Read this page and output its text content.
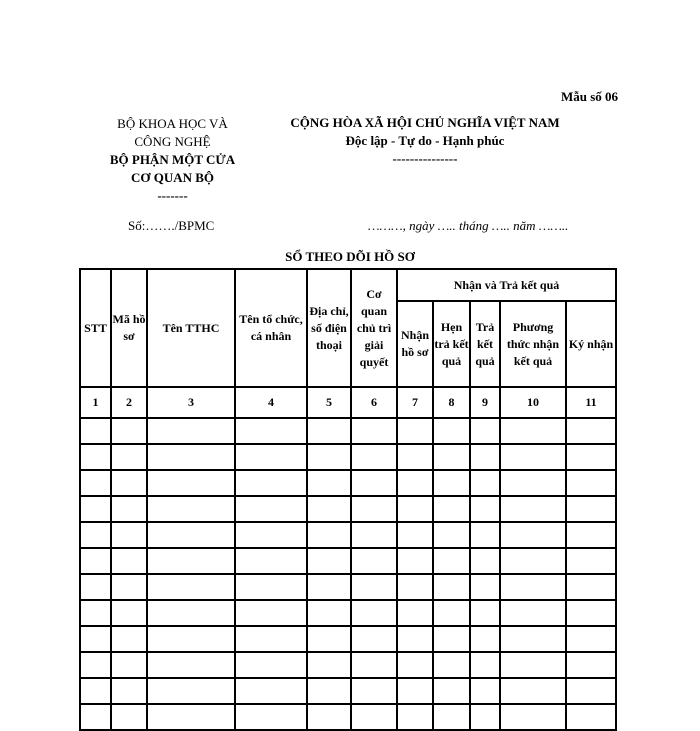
Mẫu số 06
BỘ KHOA HỌC VÀ
CÔNG NGHỆ
BỘ PHẬN MỘT CỬA
CƠ QUAN BỘ
-------
CỘNG HÒA XÃ HỘI CHỦ NGHĨA VIỆT NAM
Độc lập - Tự do - Hạnh phúc
---------------
Số:……./BPMC	………, ngày ….. tháng ….. năm ……..
SỔ THEO DÕI HỒ SƠ
STT	Mã hồ sơ	Tên TTHC	Tên tổ chức, cá nhân	Địa chỉ, số điện thoại	Cơ quan chủ trì giải quyết	Nhận và Trả kết quả				
						Nhận hồ sơ	Hẹn trả kết quả	Trả kết quả	Phương thức nhận kết quả	Ký nhận
1	2	3	4	5	6	7	8	9	10	11
